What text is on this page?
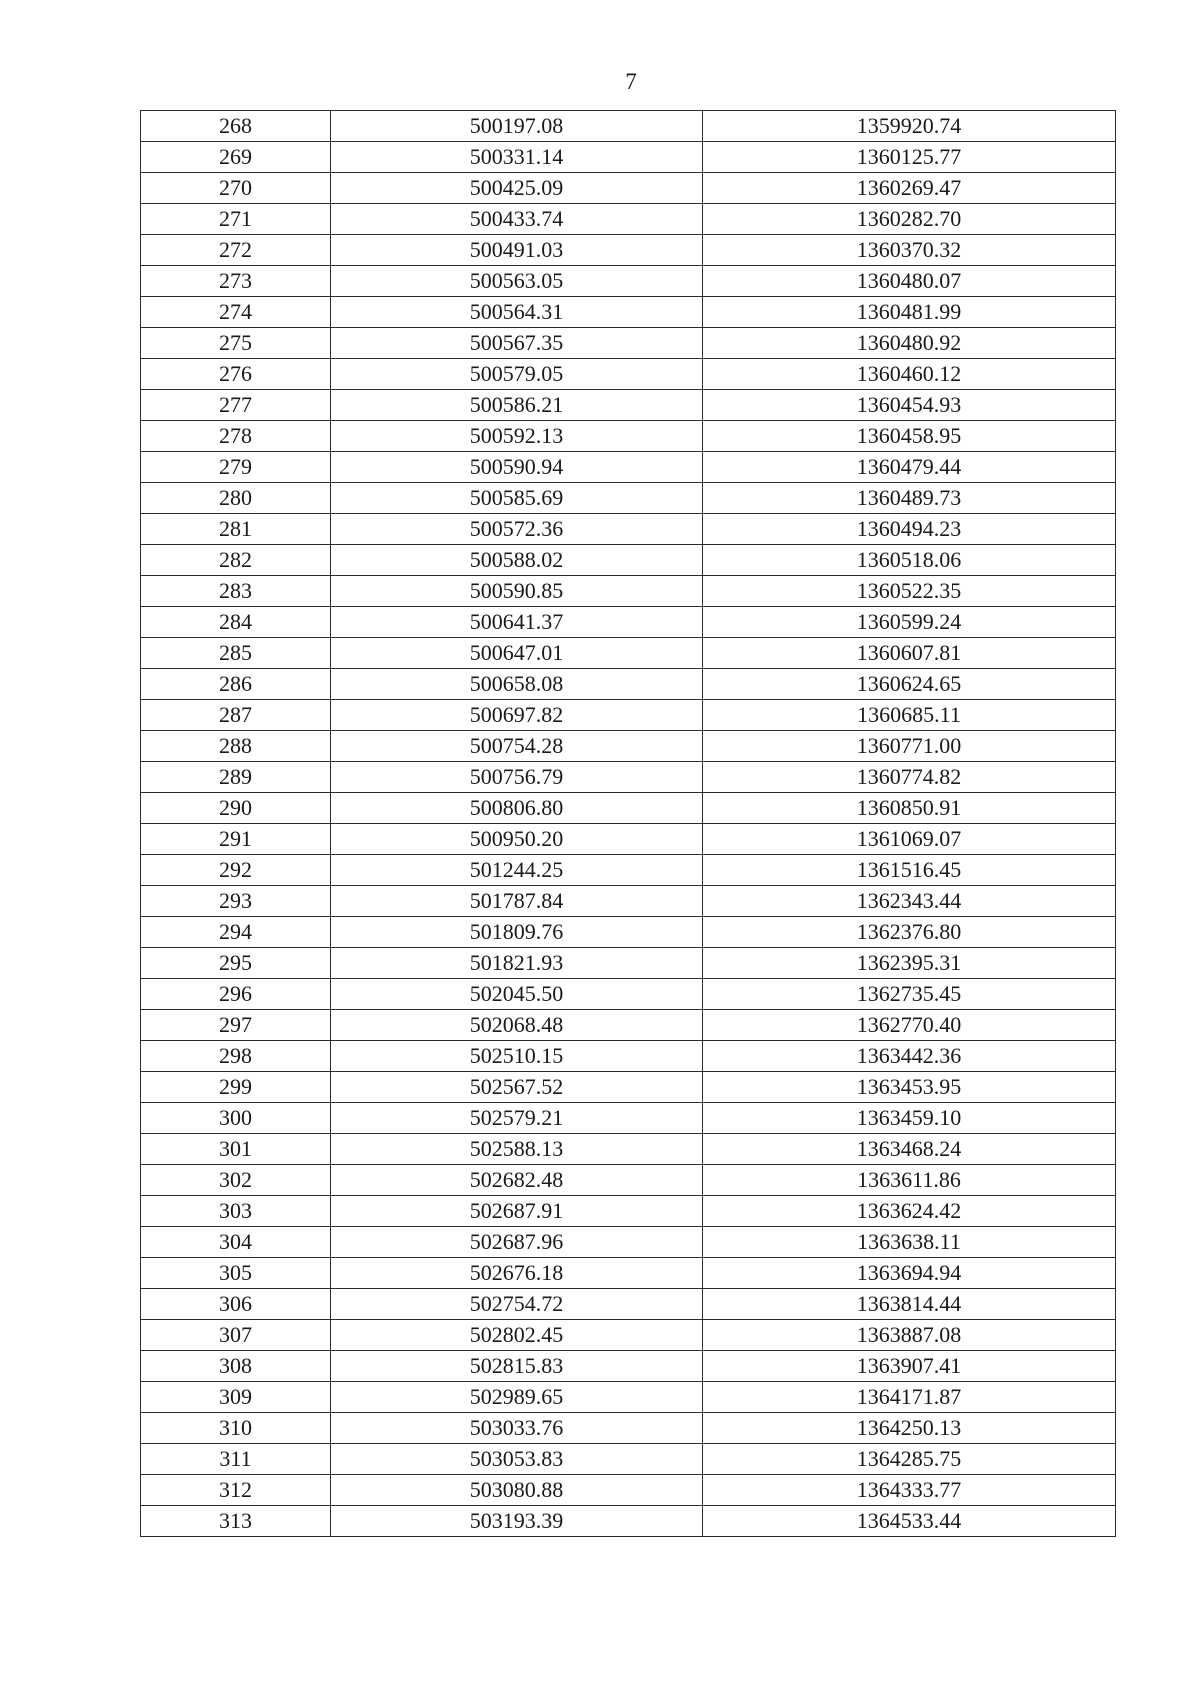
7
268	500197.08	1359920.74
269	500331.14	1360125.77
270	500425.09	1360269.47
271	500433.74	1360282.70
272	500491.03	1360370.32
273	500563.05	1360480.07
274	500564.31	1360481.99
275	500567.35	1360480.92
276	500579.05	1360460.12
277	500586.21	1360454.93
278	500592.13	1360458.95
279	500590.94	1360479.44
280	500585.69	1360489.73
281	500572.36	1360494.23
282	500588.02	1360518.06
283	500590.85	1360522.35
284	500641.37	1360599.24
285	500647.01	1360607.81
286	500658.08	1360624.65
287	500697.82	1360685.11
288	500754.28	1360771.00
289	500756.79	1360774.82
290	500806.80	1360850.91
291	500950.20	1361069.07
292	501244.25	1361516.45
293	501787.84	1362343.44
294	501809.76	1362376.80
295	501821.93	1362395.31
296	502045.50	1362735.45
297	502068.48	1362770.40
298	502510.15	1363442.36
299	502567.52	1363453.95
300	502579.21	1363459.10
301	502588.13	1363468.24
302	502682.48	1363611.86
303	502687.91	1363624.42
304	502687.96	1363638.11
305	502676.18	1363694.94
306	502754.72	1363814.44
307	502802.45	1363887.08
308	502815.83	1363907.41
309	502989.65	1364171.87
310	503033.76	1364250.13
311	503053.83	1364285.75
312	503080.88	1364333.77
313	503193.39	1364533.44
